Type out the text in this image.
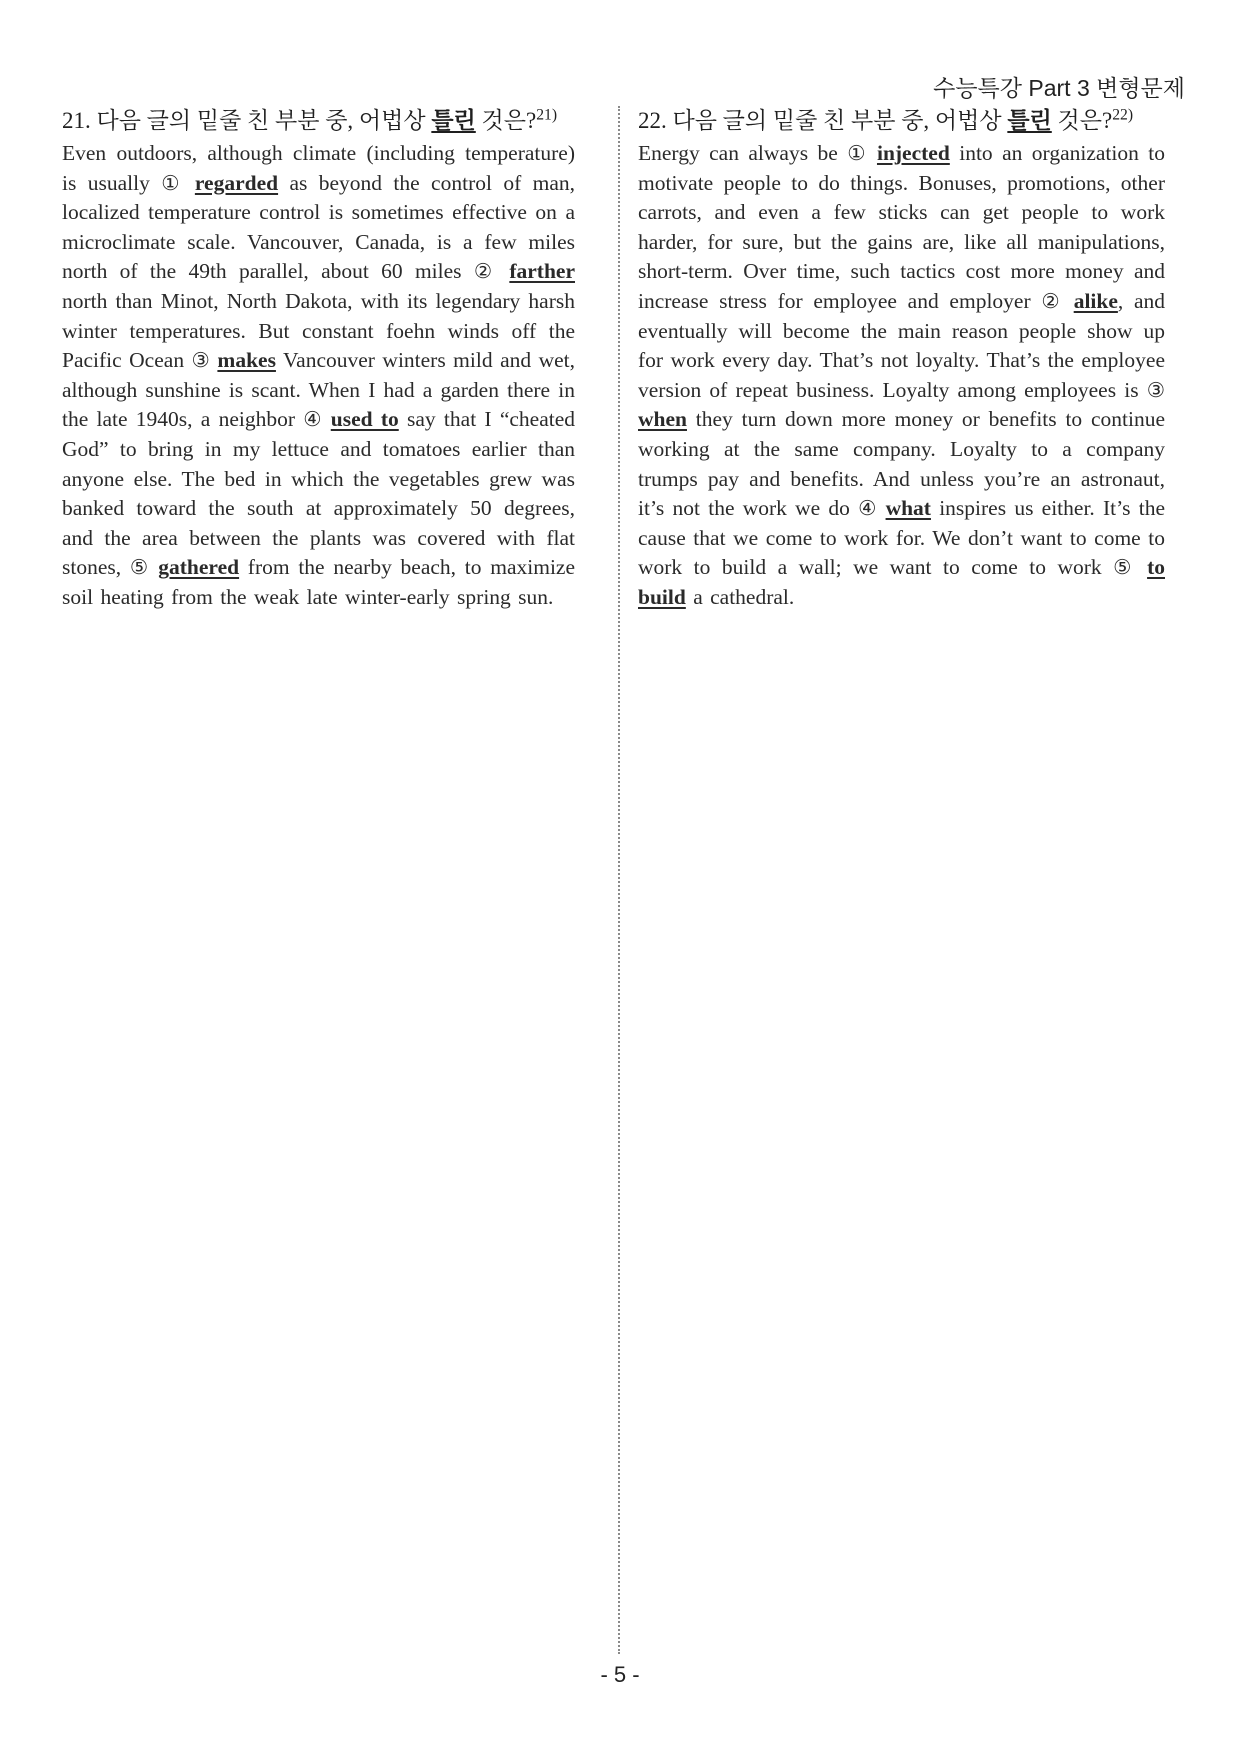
수능특강 Part 3 변형문제
21. 다음 글의 밑줄 친 부분 중, 어법상 틀린 것은?$^{21)}$
Even outdoors, although climate (including temperature) is usually ① regarded as beyond the control of man, localized temperature control is sometimes effective on a microclimate scale. Vancouver, Canada, is a few miles north of the 49th parallel, about 60 miles ② farther north than Minot, North Dakota, with its legendary harsh winter temperatures. But constant foehn winds off the Pacific Ocean ③ makes Vancouver winters mild and wet, although sunshine is scant. When I had a garden there in the late 1940s, a neighbor ④ used to say that I “cheated God” to bring in my lettuce and tomatoes earlier than anyone else. The bed in which the vegetables grew was banked toward the south at approximately 50 degrees, and the area between the plants was covered with flat stones, ⑤ gathered from the nearby beach, to maximize soil heating from the weak late winter-early spring sun.
22. 다음 글의 밑줄 친 부분 중, 어법상 틀린 것은?$^{22)}$
Energy can always be ① injected into an organization to motivate people to do things. Bonuses, promotions, other carrots, and even a few sticks can get people to work harder, for sure, but the gains are, like all manipulations, short-term. Over time, such tactics cost more money and increase stress for employee and employer ② alike, and eventually will become the main reason people show up for work every day. That’s not loyalty. That’s the employee version of repeat business. Loyalty among employees is ③ when they turn down more money or benefits to continue working at the same company. Loyalty to a company trumps pay and benefits. And unless you’re an astronaut, it’s not the work we do ④ what inspires us either. It’s the cause that we come to work for. We don’t want to come to work to build a wall; we want to come to work ⑤ to build a cathedral.
- 5 -
